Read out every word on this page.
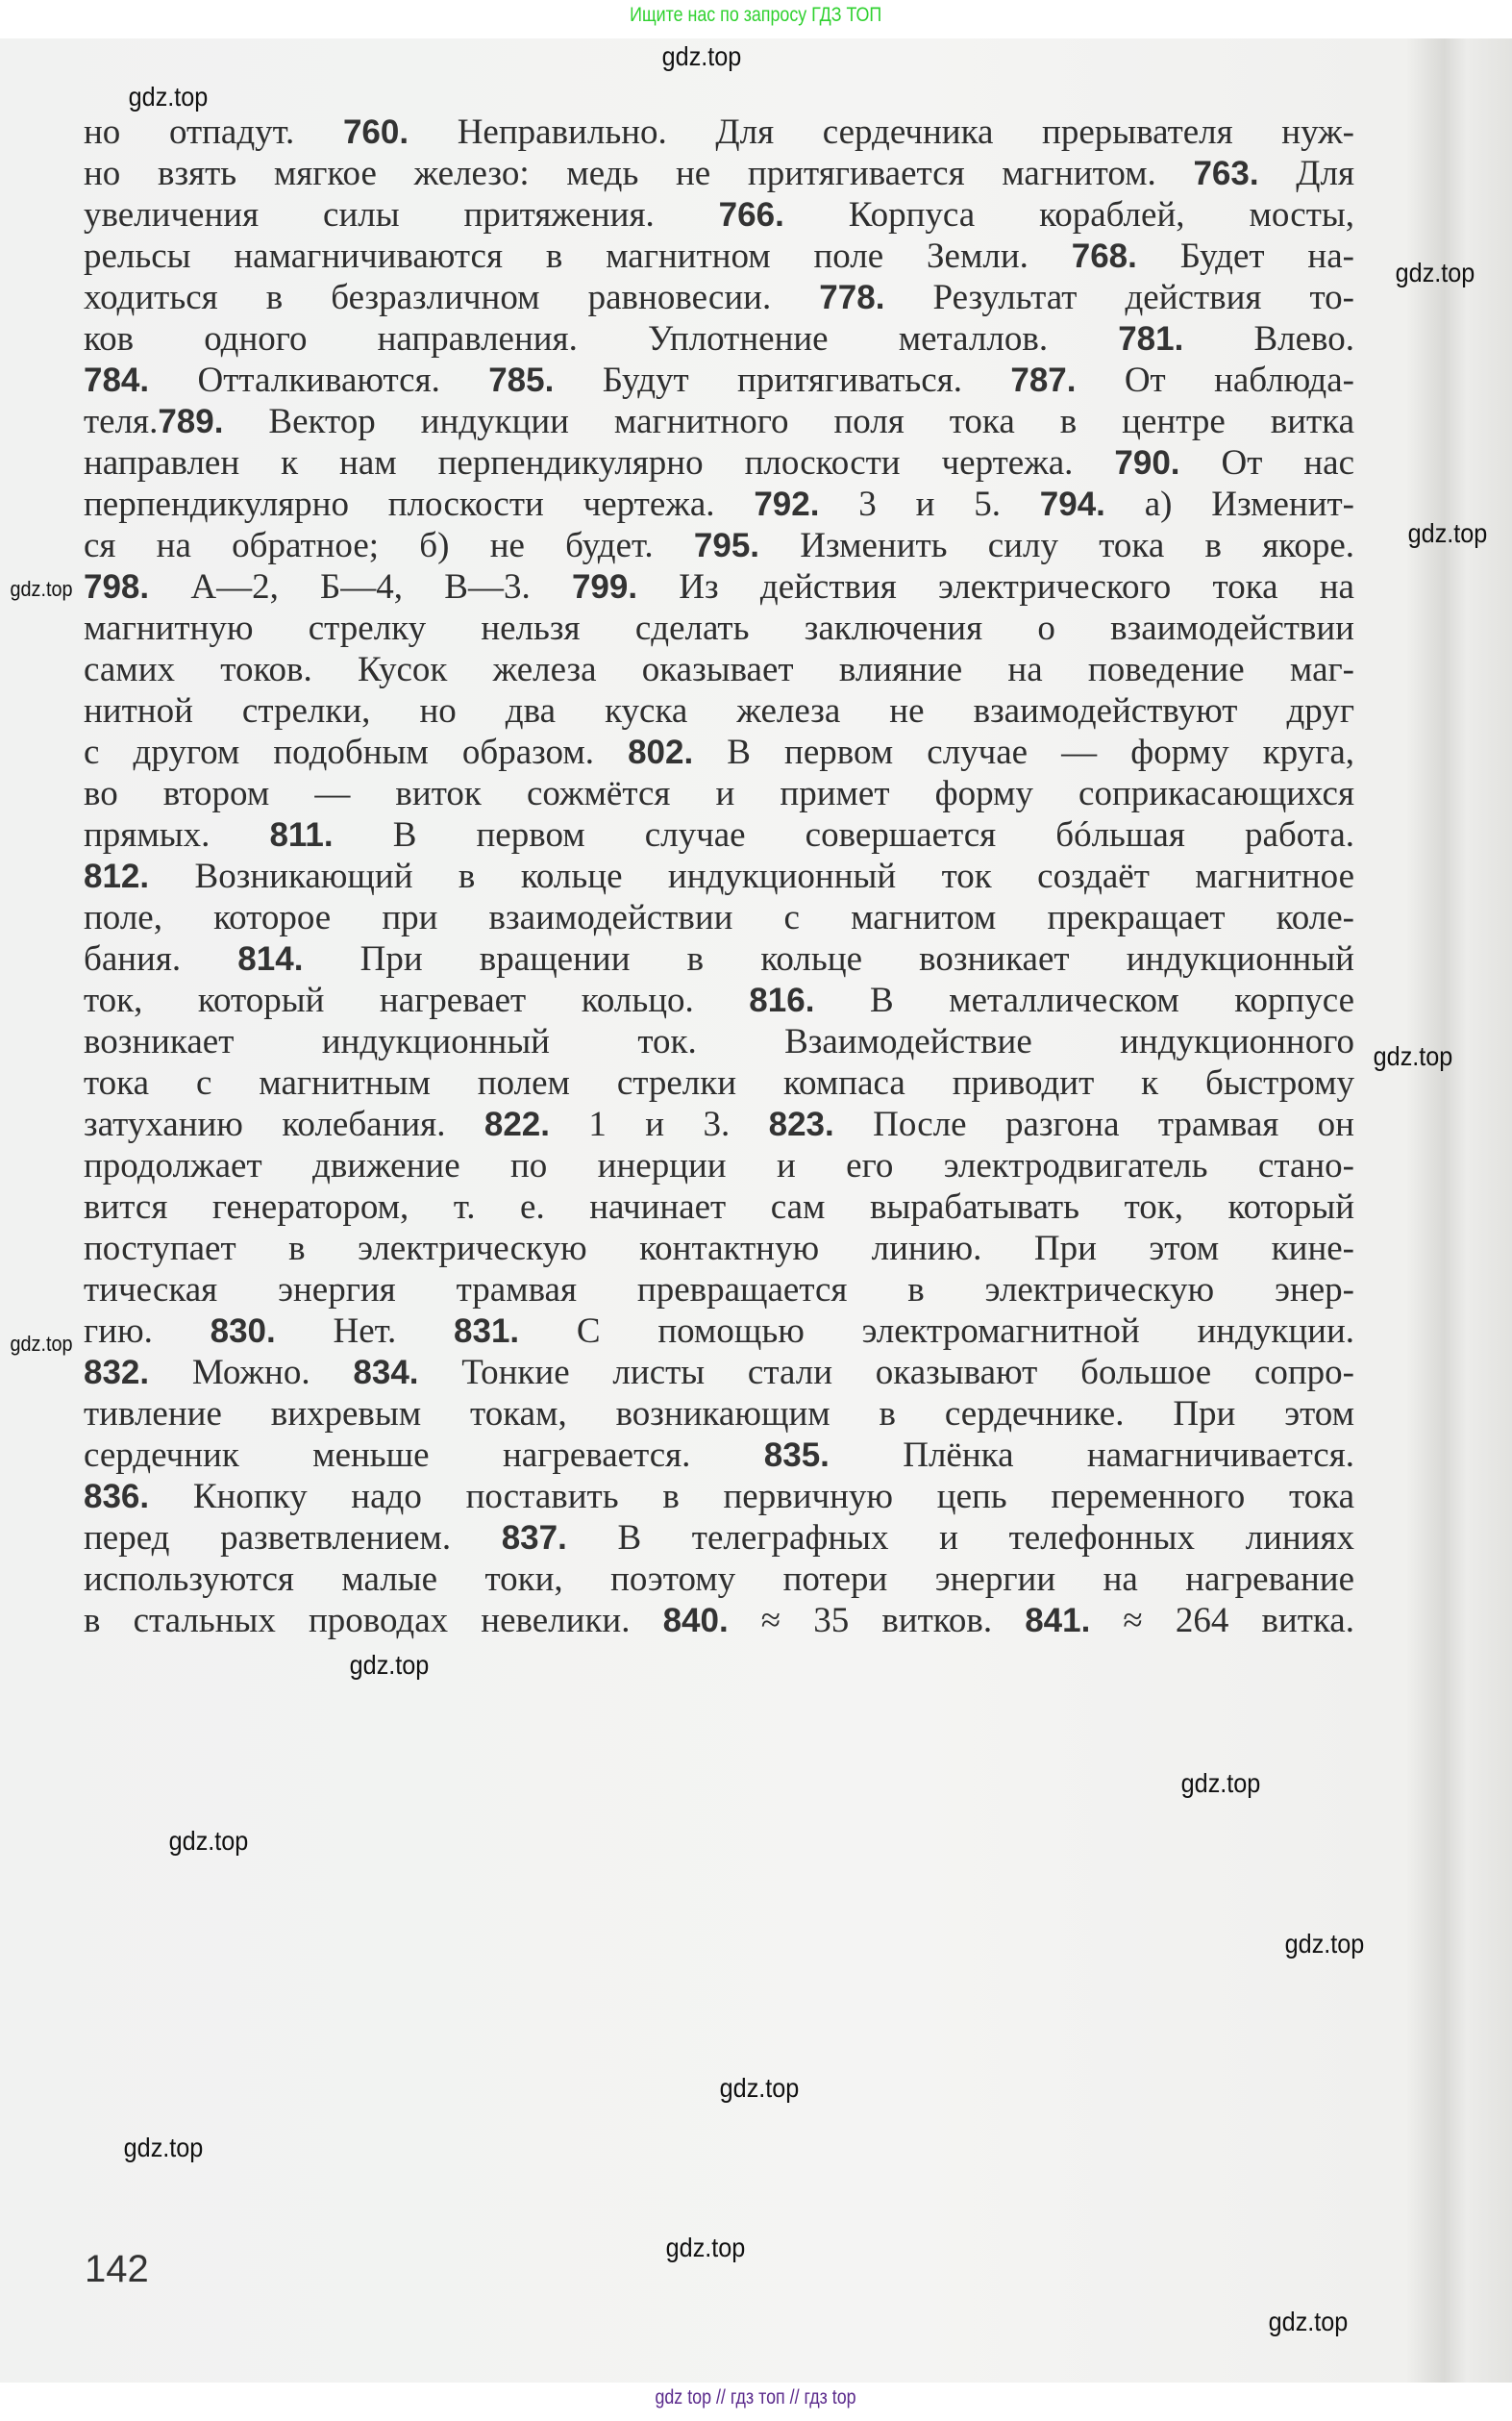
Ищите нас по запросу ГДЗ ТОП
но отпадут. 760. Неправильно. Для сердечника прерывателя нуж-
но взять мягкое железо: медь не притягивается магнитом. 763. Для
увеличения силы притяжения. 766. Корпуса кораблей, мосты,
рельсы намагничиваются в магнитном поле Земли. 768. Будет на-
ходиться в безразличном равновесии. 778. Результат действия то-
ков одного направления. Уплотнение металлов. 781. Влево.
784. Отталкиваются. 785. Будут притягиваться. 787. От наблюда-
теля.789. Вектор индукции магнитного поля тока в центре витка
направлен к нам перпендикулярно плоскости чертежа. 790. От нас
перпендикулярно плоскости чертежа. 792. 3 и 5. 794. а) Изменит-
ся на обратное; б) не будет. 795. Изменить силу тока в якоре.
798. А—2, Б—4, В—3. 799. Из действия электрического тока на
магнитную стрелку нельзя сделать заключения о взаимодействии
самих токов. Кусок железа оказывает влияние на поведение маг-
нитной стрелки, но два куска железа не взаимодействуют друг
с другом подобным образом. 802. В первом случае — форму круга,
во втором — виток сожмётся и примет форму соприкасающихся
прямых. 811. В первом случае совершается бóльшая работа.
812. Возникающий в кольце индукционный ток создаёт магнитное
поле, которое при взаимодействии с магнитом прекращает коле-
бания. 814. При вращении в кольце возникает индукционный
ток, который нагревает кольцо. 816. В металлическом корпусе
возникает индукционный ток. Взаимодействие индукционного
тока с магнитным полем стрелки компаса приводит к быстрому
затуханию колебания. 822. 1 и 3. 823. После разгона трамвая он
продолжает движение по инерции и его электродвигатель стано-
вится генератором, т. е. начинает сам вырабатывать ток, который
поступает в электрическую контактную линию. При этом кине-
тическая энергия трамвая превращается в электрическую энер-
гию. 830. Нет. 831. С помощью электромагнитной индукции.
832. Можно. 834. Тонкие листы стали оказывают большое сопро-
тивление вихревым токам, возникающим в сердечнике. При этом
сердечник меньше нагревается. 835. Плёнка намагничивается.
836. Кнопку надо поставить в первичную цепь переменного тока
перед разветвлением. 837. В телеграфных и телефонных линиях
используются малые токи, поэтому потери энергии на нагревание
в стальных проводах невелики. 840. ≈ 35 витков. 841. ≈ 264 витка.
142
gdz.top
gdz.top
gdz.top
gdz.top
gdz.top
gdz.top
gdz.top
gdz.top
gdz.top
gdz.top
gdz.top
gdz.top
gdz.top
gdz.top
gdz.top
gdz top // гдз топ // гдз top
